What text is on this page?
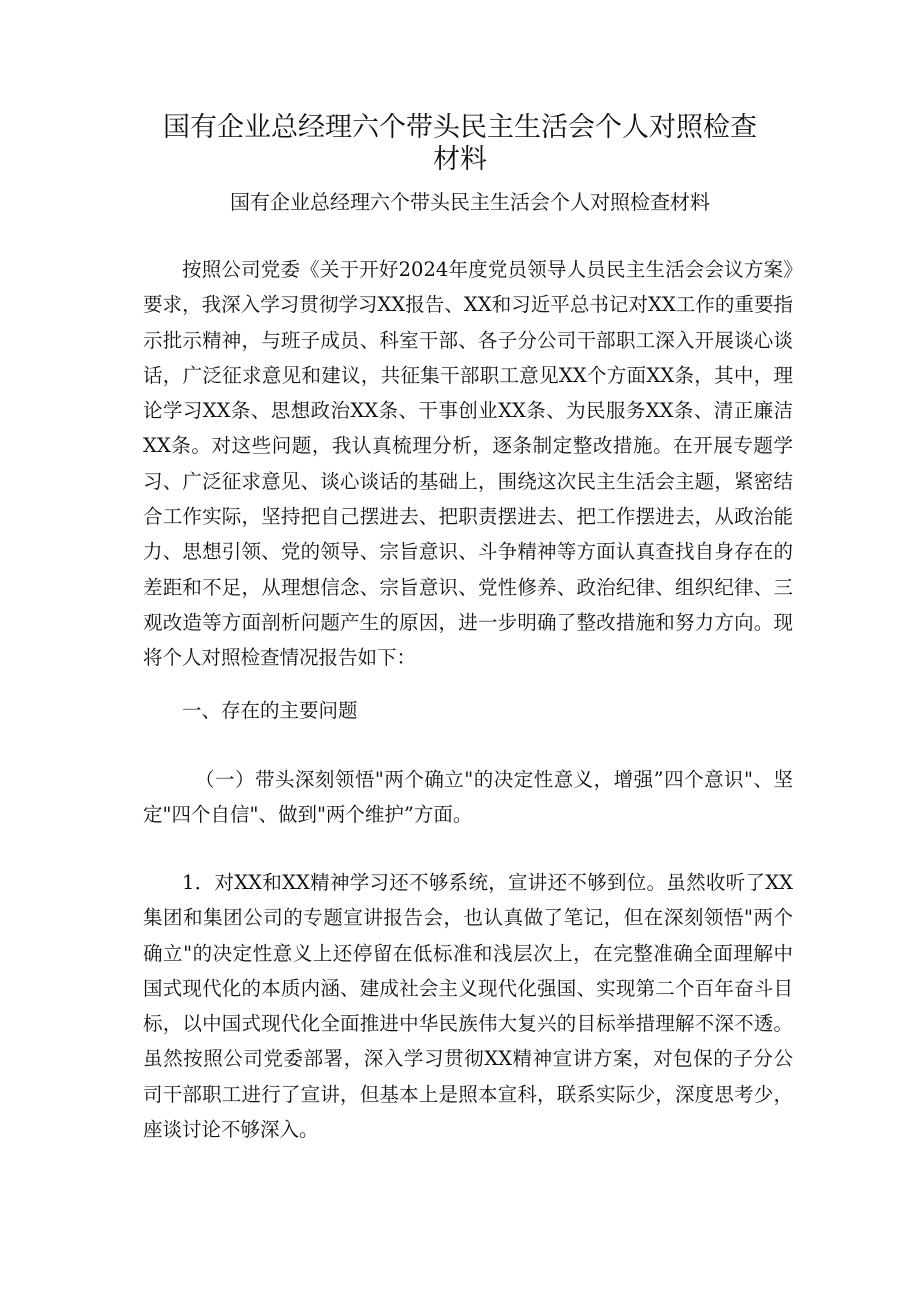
国有企业总经理六个带头民主生活会个人对照检查材料

国有企业总经理六个带头民主生活会个人对照检查材料

按照公司党委《关于开好2024年度党员领导人员民主生活会会议方案》要求，我深入学习贯彻学习XX报告、XX和习近平总书记对XX工作的重要指示批示精神，与班子成员、科室干部、各子分公司干部职工深入开展谈心谈话，广泛征求意见和建议，共征集干部职工意见XX个方面XX条，其中，理论学习XX条、思想政治XX条、干事创业XX条、为民服务XX条、清正廉洁XX条。对这些问题，我认真梳理分析，逐条制定整改措施。在开展专题学习、广泛征求意见、谈心谈话的基础上，围绕这次民主生活会主题，紧密结合工作实际，坚持把自己摆进去、把职责摆进去、把工作摆进去，从政治能力、思想引领、党的领导、宗旨意识、斗争精神等方面认真查找自身存在的差距和不足，从理想信念、宗旨意识、党性修养、政治纪律、组织纪律、三观改造等方面剖析问题产生的原因，进一步明确了整改措施和努力方向。现将个人对照检查情况报告如下：

一、存在的主要问题

（一）带头深刻领悟"两个确立"的决定性意义，增强”四个意识"、坚定"四个自信"、做到"两个维护”方面。

1．对XX和XX精神学习还不够系统，宣讲还不够到位。虽然收听了XX集团和集团公司的专题宣讲报告会，也认真做了笔记，但在深刻领悟"两个确立"的决定性意义上还停留在低标准和浅层次上，在完整准确全面理解中国式现代化的本质内涵、建成社会主义现代化强国、实现第二个百年奋斗目标，以中国式现代化全面推进中华民族伟大复兴的目标举措理解不深不透。虽然按照公司党委部署，深入学习贯彻XX精神宣讲方案，对包保的子分公司干部职工进行了宣讲，但基本上是照本宣科，联系实际少，深度思考少，座谈讨论不够深入。
